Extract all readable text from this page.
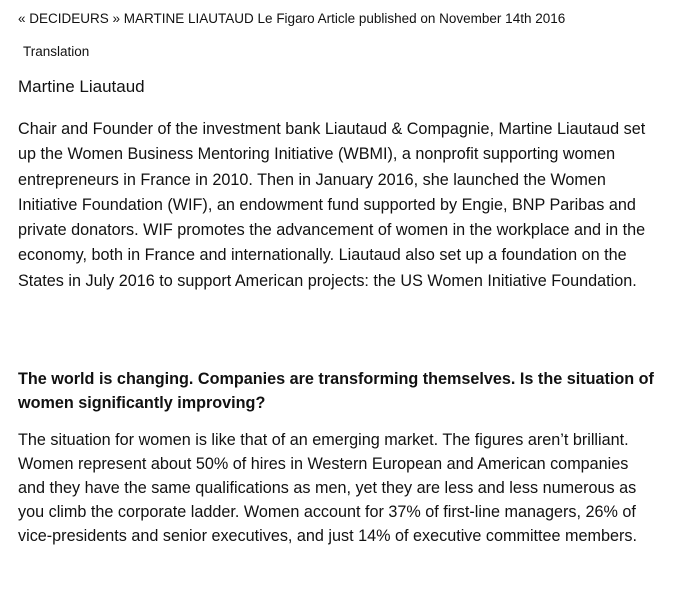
« DECIDEURS » MARTINE LIAUTAUD Le Figaro Article published on November 14th 2016
Translation
Martine Liautaud

Chair and Founder of the investment bank Liautaud & Compagnie, Martine Liautaud set up the Women Business Mentoring Initiative (WBMI), a nonprofit supporting women entrepreneurs in France in 2010. Then in January 2016, she launched the Women Initiative Foundation (WIF), an endowment fund supported by Engie, BNP Paribas and private donators. WIF promotes the advancement of women in the workplace and in the economy, both in France and internationally. Liautaud also set up a foundation on the States in July 2016 to support American projects: the US Women Initiative Foundation.

The world is changing. Companies are transforming themselves. Is the situation of women significantly improving?

The situation for women is like that of an emerging market. The figures aren’t brilliant. Women represent about 50% of hires in Western European and American companies and they have the same qualifications as men, yet they are less and less numerous as you climb the corporate ladder. Women account for 37% of first-line managers, 26% of vice-presidents and senior executives, and just 14% of executive committee members.
